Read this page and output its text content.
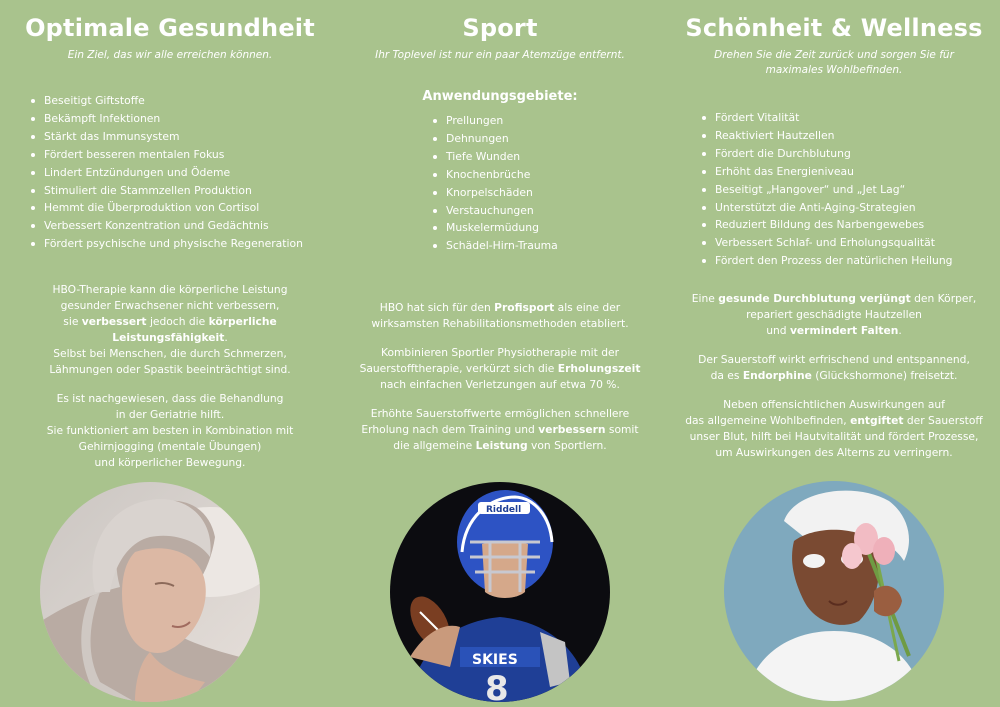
Optimale Gesundheit
Ein Ziel, das wir alle erreichen können.
Beseitigt Giftstoffe
Bekämpft Infektionen
Stärkt das Immunsystem
Fördert besseren mentalen Fokus
Lindert Entzündungen und Ödeme
Stimuliert die Stammzellen Produktion
Hemmt die Überproduktion von Cortisol
Verbessert Konzentration und Gedächtnis
Fördert psychische und physische Regeneration

HBO-Therapie kann die körperliche Leistung
gesunder Erwachsener nicht verbessern,
sie verbessert jedoch die körperliche
Leistungsfähigkeit.
Selbst bei Menschen, die durch Schmerzen,
Lähmungen oder Spastik beeinträchtigt sind.

Es ist nachgewiesen, dass die Behandlung
in der Geriatrie hilft.
Sie funktioniert am besten in Kombination mit
Gehirnjogging (mentale Übungen)
und körperlicher Bewegung.

Sport
Ihr Toplevel ist nur ein paar Atemzüge entfernt.
Anwendungsgebiete:
Prellungen
Dehnungen
Tiefe Wunden
Knochenbrüche
Knorpelschäden
Verstauchungen
Muskelermüdung
Schädel-Hirn-Trauma

HBO hat sich für den Profisport als eine der
wirksamsten Rehabilitationsmethoden etabliert.

Kombinieren Sportler Physiotherapie mit der
Sauerstofftherapie, verkürzt sich die Erholungszeit
nach einfachen Verletzungen auf etwa 70 %.

Erhöhte Sauerstoffwerte ermöglichen schnellere
Erholung nach dem Training und verbessern somit
die allgemeine Leistung von Sportlern.

SKIES
8
Riddell
Schönheit & Wellness
Drehen Sie die Zeit zurück und sorgen Sie für
maximales Wohlbefinden.
Fördert Vitalität
Reaktiviert Hautzellen
Fördert die Durchblutung
Erhöht das Energieniveau
Beseitigt „Hangover“ und „Jet Lag“
Unterstützt die Anti-Aging-Strategien
Reduziert Bildung des Narbengewebes
Verbessert Schlaf- und Erholungsqualität
Fördert den Prozess der natürlichen Heilung

Eine gesunde Durchblutung verjüngt den Körper,
repariert geschädigte Hautzellen
und vermindert Falten.

Der Sauerstoff wirkt erfrischend und entspannend,
da es Endorphine (Glückshormone) freisetzt.

Neben offensichtlichen Auswirkungen auf
das allgemeine Wohlbefinden, entgiftet der Sauerstoff
unser Blut, hilft bei Hautvitalität und fördert Prozesse,
um Auswirkungen des Alterns zu verringern.
